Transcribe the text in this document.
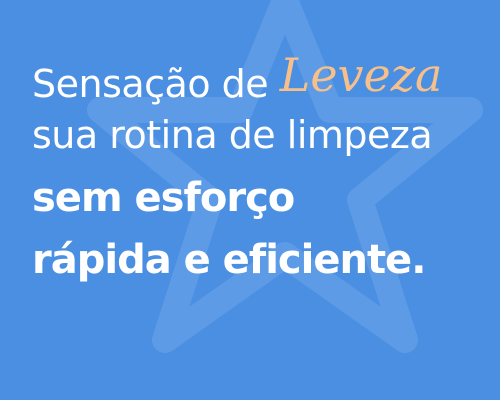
Sensação de Leveza
sua rotina de limpeza
sem esforço
rápida e eficiente.
